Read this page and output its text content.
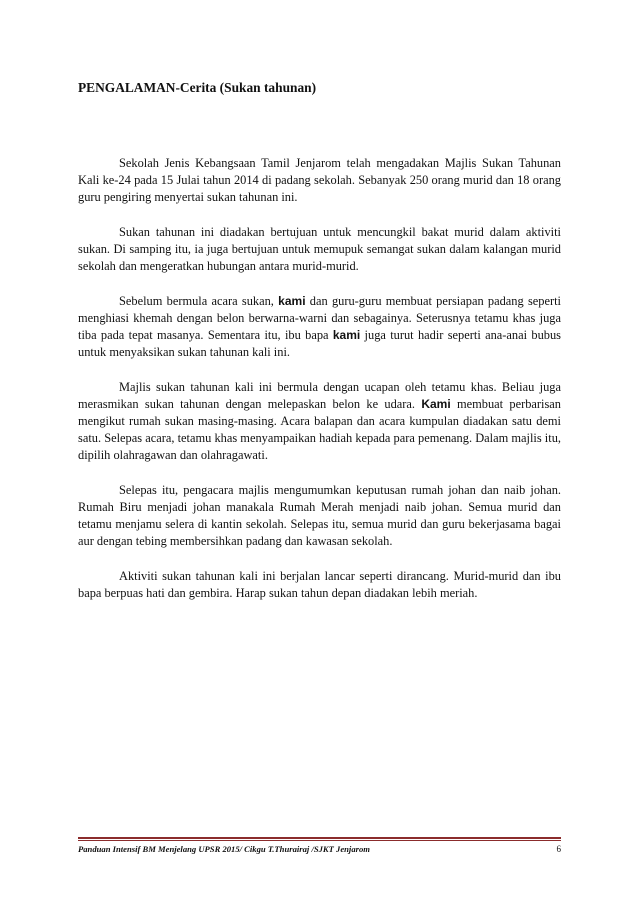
PENGALAMAN-Cerita (Sukan tahunan)

Sekolah Jenis Kebangsaan Tamil Jenjarom telah mengadakan Majlis Sukan Tahunan Kali ke-24 pada 15 Julai tahun 2014 di padang sekolah. Sebanyak 250 orang murid dan 18 orang guru pengiring menyertai sukan tahunan ini.

Sukan tahunan ini diadakan bertujuan untuk mencungkil bakat murid dalam aktiviti sukan. Di samping itu, ia juga bertujuan untuk memupuk semangat sukan dalam kalangan murid sekolah dan mengeratkan hubungan antara murid-murid.

Sebelum bermula acara sukan, kami dan guru-guru membuat persiapan padang seperti menghiasi khemah dengan belon berwarna-warni dan sebagainya. Seterusnya tetamu khas juga tiba pada tepat masanya. Sementara itu, ibu bapa kami juga turut hadir seperti ana-anai bubus untuk menyaksikan sukan tahunan kali ini.

Majlis sukan tahunan kali ini bermula dengan ucapan oleh tetamu khas. Beliau juga merasmikan sukan tahunan dengan melepaskan belon ke udara. Kami membuat perbarisan mengikut rumah sukan masing-masing. Acara balapan dan acara kumpulan diadakan satu demi satu. Selepas acara, tetamu khas menyampaikan hadiah kepada para pemenang. Dalam majlis itu, dipilih olahragawan dan olahragawati.

Selepas itu, pengacara majlis mengumumkan keputusan rumah johan dan naib johan. Rumah Biru menjadi johan manakala Rumah Merah menjadi naib johan. Semua murid dan tetamu menjamu selera di kantin sekolah. Selepas itu, semua murid dan guru bekerjasama bagai aur dengan tebing membersihkan padang dan kawasan sekolah.

Aktiviti sukan tahunan kali ini berjalan lancar seperti dirancang. Murid-murid dan ibu bapa berpuas hati dan gembira. Harap sukan tahun depan diadakan lebih meriah.

Panduan Intensif BM Menjelang UPSR 2015/ Cikgu T.Thurairaj /SJKT Jenjarom	6
